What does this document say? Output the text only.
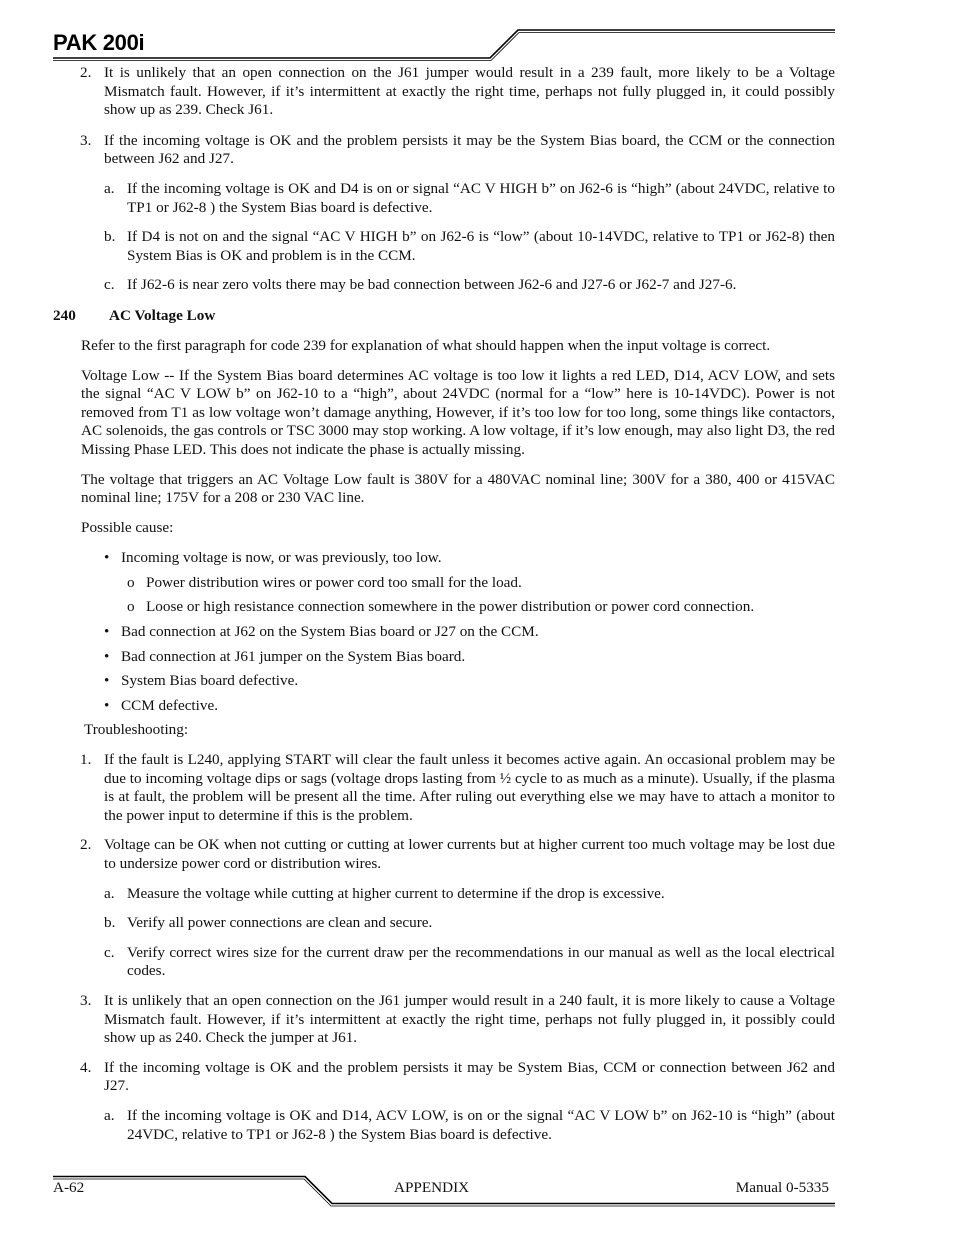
PAK 200i
2. It is unlikely that an open connection on the J61 jumper would result in a 239 fault, more likely to be a Voltage Mismatch fault. However, if it’s intermittent at exactly the right time, perhaps not fully plugged in, it could possibly show up as 239. Check J61.

3. If the incoming voltage is OK and the problem persists it may be the System Bias board, the CCM or the connection between J62 and J27.

a. If the incoming voltage is OK and D4 is on or signal “AC V HIGH b” on J62-6 is “high” (about 24VDC, relative to TP1 or J62-8 ) the System Bias board is defective.

b. If D4 is not on and the signal “AC V HIGH b” on J62-6 is “low” (about 10-14VDC, relative to TP1 or J62-8) then System Bias is OK and problem is in the CCM.

c. If J62-6 is near zero volts there may be bad connection between J62-6 and J27-6 or J62-7 and J27-6.

240 AC Voltage Low

Refer to the first paragraph for code 239 for explanation of what should happen when the input voltage is correct.

Voltage Low -- If the System Bias board determines AC voltage is too low it lights a red LED, D14, ACV LOW, and sets the signal “AC V LOW b” on J62-10 to a “high”, about 24VDC (normal for a “low” here is 10-14VDC). Power is not removed from T1 as low voltage won’t damage anything, However, if it’s too low for too long, some things like contactors, AC solenoids, the gas controls or TSC 3000 may stop working. A low voltage, if it’s low enough, may also light D3, the red Missing Phase LED. This does not indicate the phase is actually missing.

The voltage that triggers an AC Voltage Low fault is 380V for a 480VAC nominal line; 300V for a 380, 400 or 415VAC nominal line; 175V for a 208 or 230 VAC line.

Possible cause:

• Incoming voltage is now, or was previously, too low.

o Power distribution wires or power cord too small for the load.

o Loose or high resistance connection somewhere in the power distribution or power cord connection.

• Bad connection at J62 on the System Bias board or J27 on the CCM.

• Bad connection at J61 jumper on the System Bias board.

• System Bias board defective.

• CCM defective.

Troubleshooting:

1. If the fault is L240, applying START will clear the fault unless it becomes active again. An occasional problem may be due to incoming voltage dips or sags (voltage drops lasting from ½ cycle to as much as a minute). Usually, if the plasma is at fault, the problem will be present all the time. After ruling out everything else we may have to attach a monitor to the power input to determine if this is the problem.

2. Voltage can be OK when not cutting or cutting at lower currents but at higher current too much voltage may be lost due to undersize power cord or distribution wires.

a. Measure the voltage while cutting at higher current to determine if the drop is excessive.

b. Verify all power connections are clean and secure.

c. Verify correct wires size for the current draw per the recommendations in our manual as well as the local electrical codes.

3. It is unlikely that an open connection on the J61 jumper would result in a 240 fault, it is more likely to cause a Voltage Mismatch fault. However, if it’s intermittent at exactly the right time, perhaps not fully plugged in, it possibly could show up as 240. Check the jumper at J61.

4. If the incoming voltage is OK and the problem persists it may be System Bias, CCM or connection between J62 and J27.

a. If the incoming voltage is OK and D14, ACV LOW, is on or the signal “AC V LOW b” on J62-10 is “high” (about 24VDC, relative to TP1 or J62-8 ) the System Bias board is defective.

A-62	APPENDIX	Manual 0-5335
